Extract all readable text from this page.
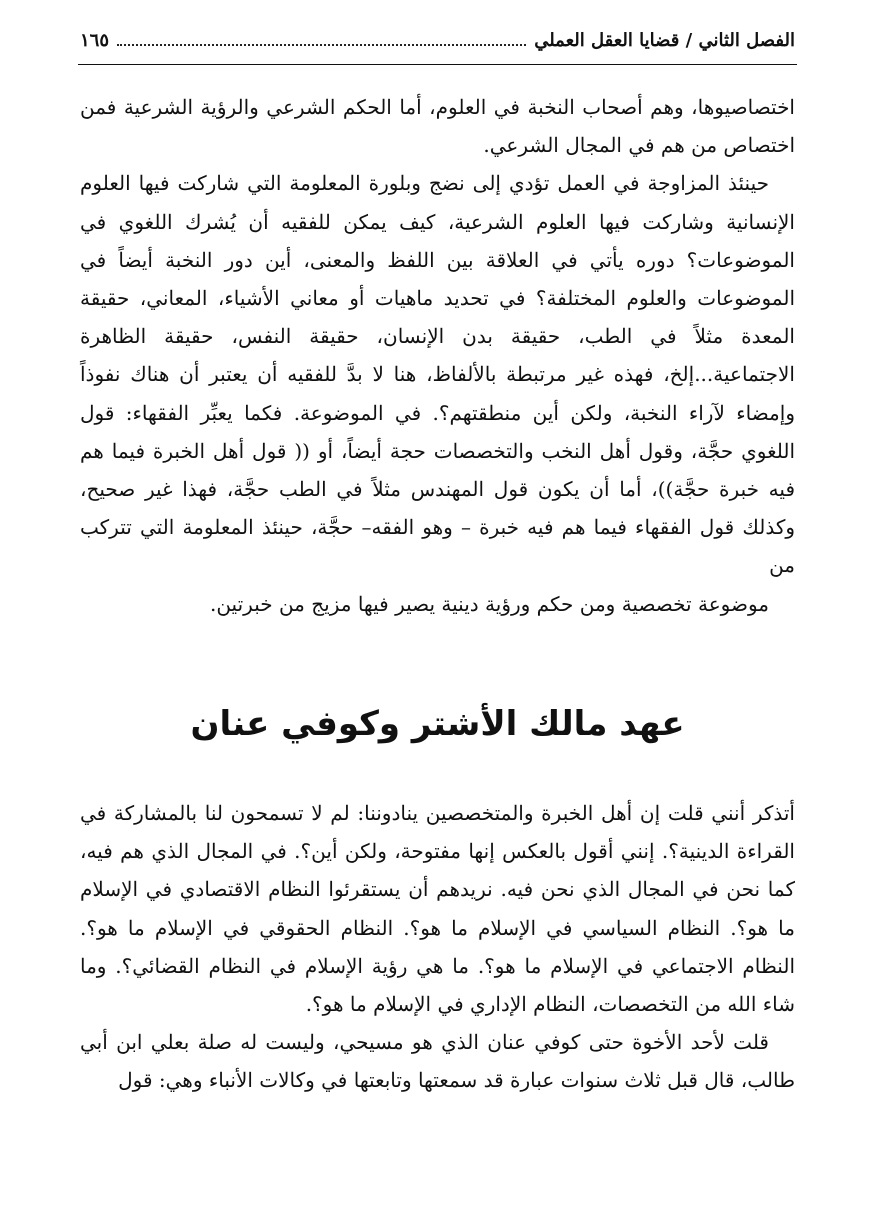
الفصل الثاني / قضايا العقل العملي
١٦٥

اختصاصيوها، وهم أصحاب النخبة في العلوم، أما الحكم الشرعي والرؤية الشرعية فمن اختصاص من هم في المجال الشرعي.

حينئذ المزاوجة في العمل تؤدي إلى نضج وبلورة المعلومة التي شاركت فيها العلوم الإنسانية وشاركت فيها العلوم الشرعية، كيف يمكن للفقيه أن يُشرك اللغوي في الموضوعات؟ دوره يأتي في العلاقة بين اللفظ والمعنى، أين دور النخبة أيضاً في الموضوعات والعلوم المختلفة؟ في تحديد ماهيات أو معاني الأشياء، المعاني، حقيقة المعدة مثلاً في الطب، حقيقة بدن الإنسان، حقيقة النفس، حقيقة الظاهرة الاجتماعية...إلخ، فهذه غير مرتبطة بالألفاظ، هنا لا بدَّ للفقيه أن يعتبر أن هناك نفوذاً وإمضاء لآراء النخبة، ولكن أين منطقتهم؟. في الموضوعة. فكما يعبِّر الفقهاء: قول اللغوي حجَّة، وقول أهل النخب والتخصصات حجة أيضاً، أو (( قول أهل الخبرة فيما هم فيه خبرة حجَّة))، أما أن يكون قول المهندس مثلاً في الطب حجَّة، فهذا غير صحيح، وكذلك قول الفقهاء فيما هم فيه خبرة – وهو الفقه– حجَّة، حينئذ المعلومة التي تتركب من

موضوعة تخصصية ومن حكم ورؤية دينية يصير فيها مزيج من خبرتين.

عهد مالك الأشتر وكوفي عنان

أتذكر أنني قلت إن أهل الخبرة والمتخصصين ينادوننا: لم لا تسمحون لنا بالمشاركة في القراءة الدينية؟. إنني أقول بالعكس إنها مفتوحة، ولكن أين؟. في المجال الذي هم فيه، كما نحن في المجال الذي نحن فيه. نريدهم أن يستقرئوا النظام الاقتصادي في الإسلام ما هو؟. النظام السياسي في الإسلام ما هو؟. النظام الحقوقي في الإسلام ما هو؟. النظام الاجتماعي في الإسلام ما هو؟. ما هي رؤية الإسلام في النظام القضائي؟. وما شاء الله من التخصصات، النظام الإداري في الإسلام ما هو؟.

قلت لأحد الأخوة حتى كوفي عنان الذي هو مسيحي، وليست له صلة بعلي ابن أبي طالب، قال قبل ثلاث سنوات عبارة قد سمعتها وتابعتها في وكالات الأنباء وهي: قول
